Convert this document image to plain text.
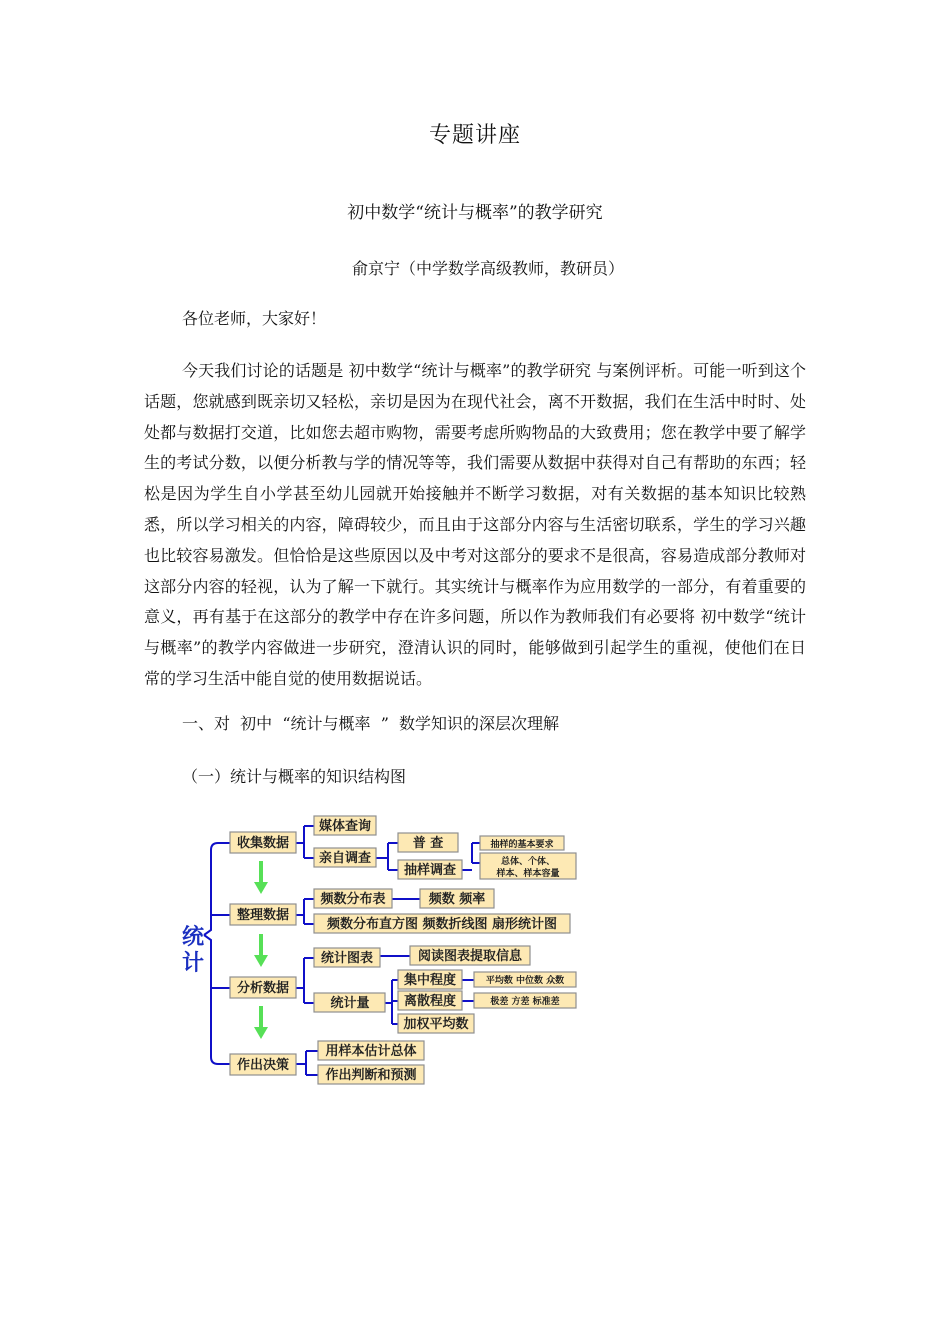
专题讲座
初中数学“统计与概率”的教学研究
俞京宁（中学数学高级教师，教研员）
各位老师，大家好！
今天我们讨论的话题是 初中数学“统计与概率”的教学研究 与案例评析。可能一听到这个话题，您就感到既亲切又轻松，亲切是因为在现代社会，离不开数据，我们在生活中时时、处处都与数据打交道，比如您去超市购物，需要考虑所购物品的大致费用；您在教学中要了解学生的考试分数，以便分析教与学的情况等等，我们需要从数据中获得对自己有帮助的东西；轻松是因为学生自小学甚至幼儿园就开始接触并不断学习数据，对有关数据的基本知识比较熟悉，所以学习相关的内容，障碍较少，而且由于这部分内容与生活密切联系，学生的学习兴趣也比较容易激发。但恰恰是这些原因以及中考对这部分的要求不是很高，容易造成部分教师对这部分内容的轻视，认为了解一下就行。其实统计与概率作为应用数学的一部分，有着重要的意义，再有基于在这部分的教学中存在许多问题，所以作为教师我们有必要将 初中数学“统计与概率”的教学内容做进一步研究，澄清认识的同时，能够做到引起学生的重视，使他们在日常的学习生活中能自觉的使用数据说话。
一、对  初中  “统计与概率  ”  数学知识的深层次理解
（一）统计与概率的知识结构图
统
计
收集数据
整理数据
分析数据
作出决策
媒体查询
亲自调查
普 查
抽样调查
频数分布表	频数 频率
频数分布直方图 频数折线图 扇形统计图
统计图表	阅读图表提取信息
统计量
集中程度
离散程度
加权平均数
用样本估计总体
作出判断和预测
抽样的基本要求
总体、个体、
样本、样本容量
平均数 中位数 众数
极差 方差 标准差
